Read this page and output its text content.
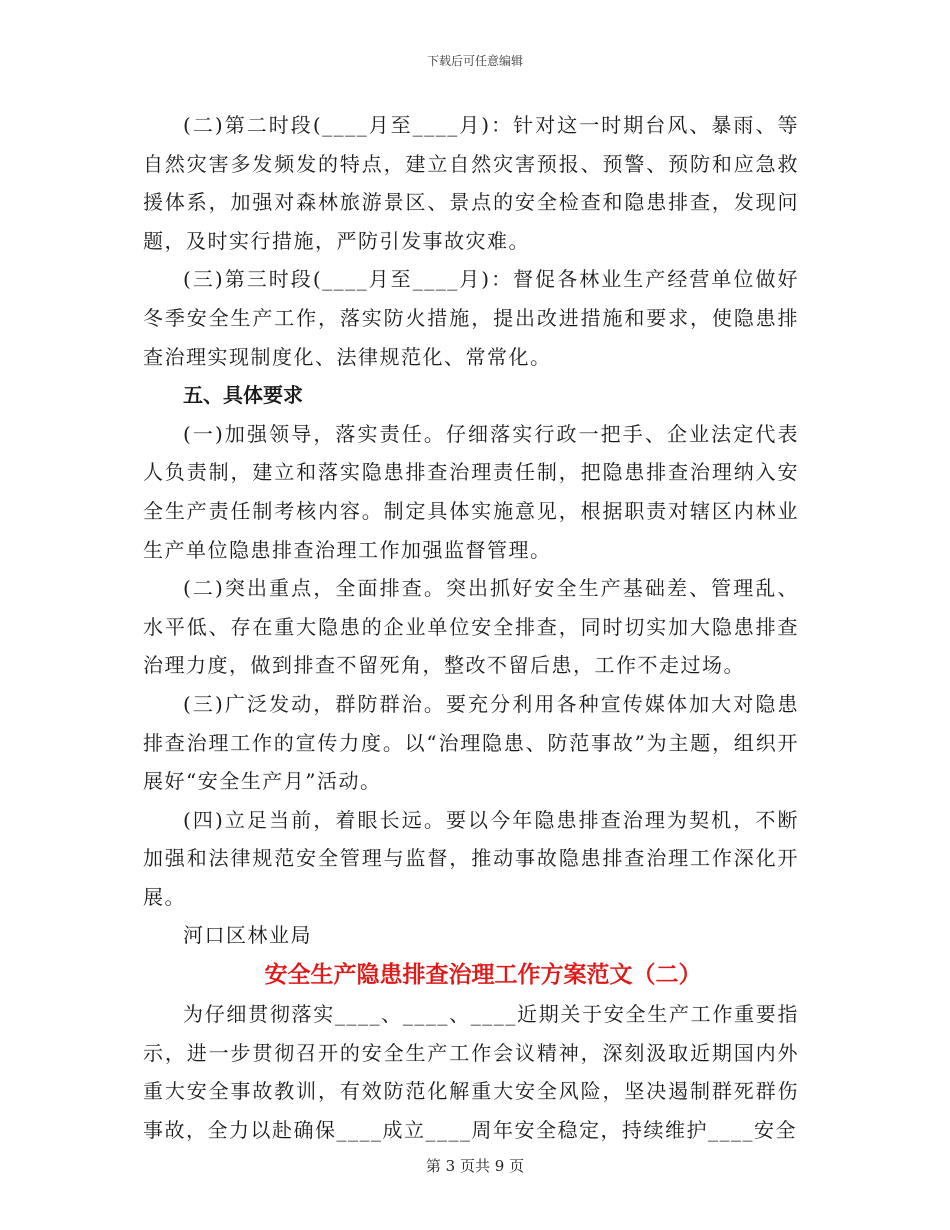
下载后可任意编辑

(二)第二时段(____月至____月)：针对这一时期台风、暴雨、等自然灾害多发频发的特点，建立自然灾害预报、预警、预防和应急救援体系，加强对森林旅游景区、景点的安全检查和隐患排查，发现问题，及时实行措施，严防引发事故灾难。

(三)第三时段(____月至____月)：督促各林业生产经营单位做好冬季安全生产工作，落实防火措施，提出改进措施和要求，使隐患排查治理实现制度化、法律规范化、常常化。

五、具体要求

(一)加强领导，落实责任。仔细落实行政一把手、企业法定代表人负责制，建立和落实隐患排查治理责任制，把隐患排查治理纳入安全生产责任制考核内容。制定具体实施意见，根据职责对辖区内林业生产单位隐患排查治理工作加强监督管理。

(二)突出重点，全面排查。突出抓好安全生产基础差、管理乱、水平低、存在重大隐患的企业单位安全排查，同时切实加大隐患排查治理力度，做到排查不留死角，整改不留后患，工作不走过场。

(三)广泛发动，群防群治。要充分利用各种宣传媒体加大对隐患排查治理工作的宣传力度。以“治理隐患、防范事故”为主题，组织开展好“安全生产月”活动。

(四)立足当前，着眼长远。要以今年隐患排查治理为契机，不断加强和法律规范安全管理与监督，推动事故隐患排查治理工作深化开展。

河口区林业局

安全生产隐患排查治理工作方案范文（二）

为仔细贯彻落实____、____、____近期关于安全生产工作重要指示，进一步贯彻召开的安全生产工作会议精神，深刻汲取近期国内外重大安全事故教训，有效防范化解重大安全风险，坚决遏制群死群伤事故，全力以赴确保____成立____周年安全稳定，持续维护____安全

第 3 页共 9 页
